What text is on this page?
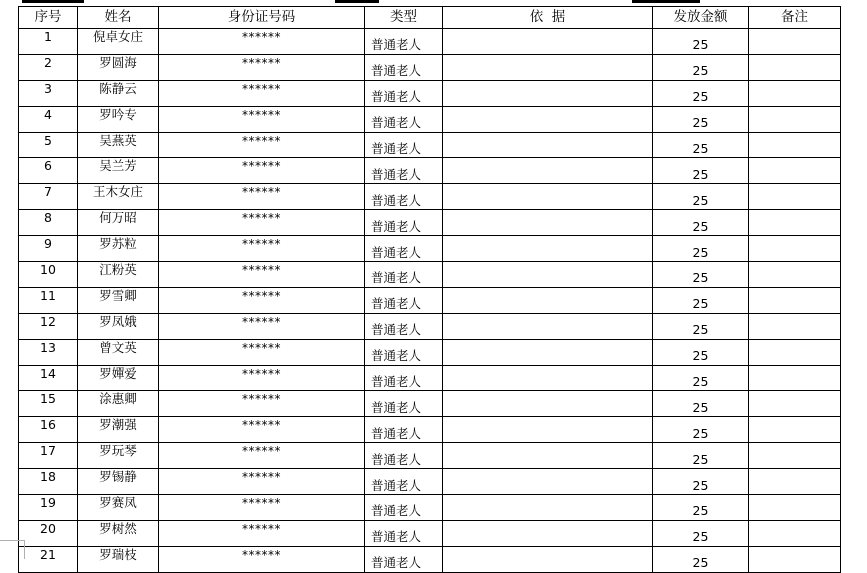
序号	姓名	身份证号码	类型	依  据	发放金额	备注
1	倪卓女庄	******	普通老人		25	
2	罗圆海	******	普通老人		25	
3	陈静云	******	普通老人		25	
4	罗吟专	******	普通老人		25	
5	吴燕英	******	普通老人		25	
6	吴兰芳	******	普通老人		25	
7	王木女庄	******	普通老人		25	
8	何万昭	******	普通老人		25	
9	罗苏粒	******	普通老人		25	
10	江粉英	******	普通老人		25	
11	罗雪卿	******	普通老人		25	
12	罗凤娥	******	普通老人		25	
13	曾文英	******	普通老人		25	
14	罗嬋爱	******	普通老人		25	
15	涂惠卿	******	普通老人		25	
16	罗潮强	******	普通老人		25	
17	罗玩琴	******	普通老人		25	
18	罗锡静	******	普通老人		25	
19	罗赛凤	******	普通老人		25	
20	罗树然	******	普通老人		25	
21	罗瑞枝	******	普通老人		25	
